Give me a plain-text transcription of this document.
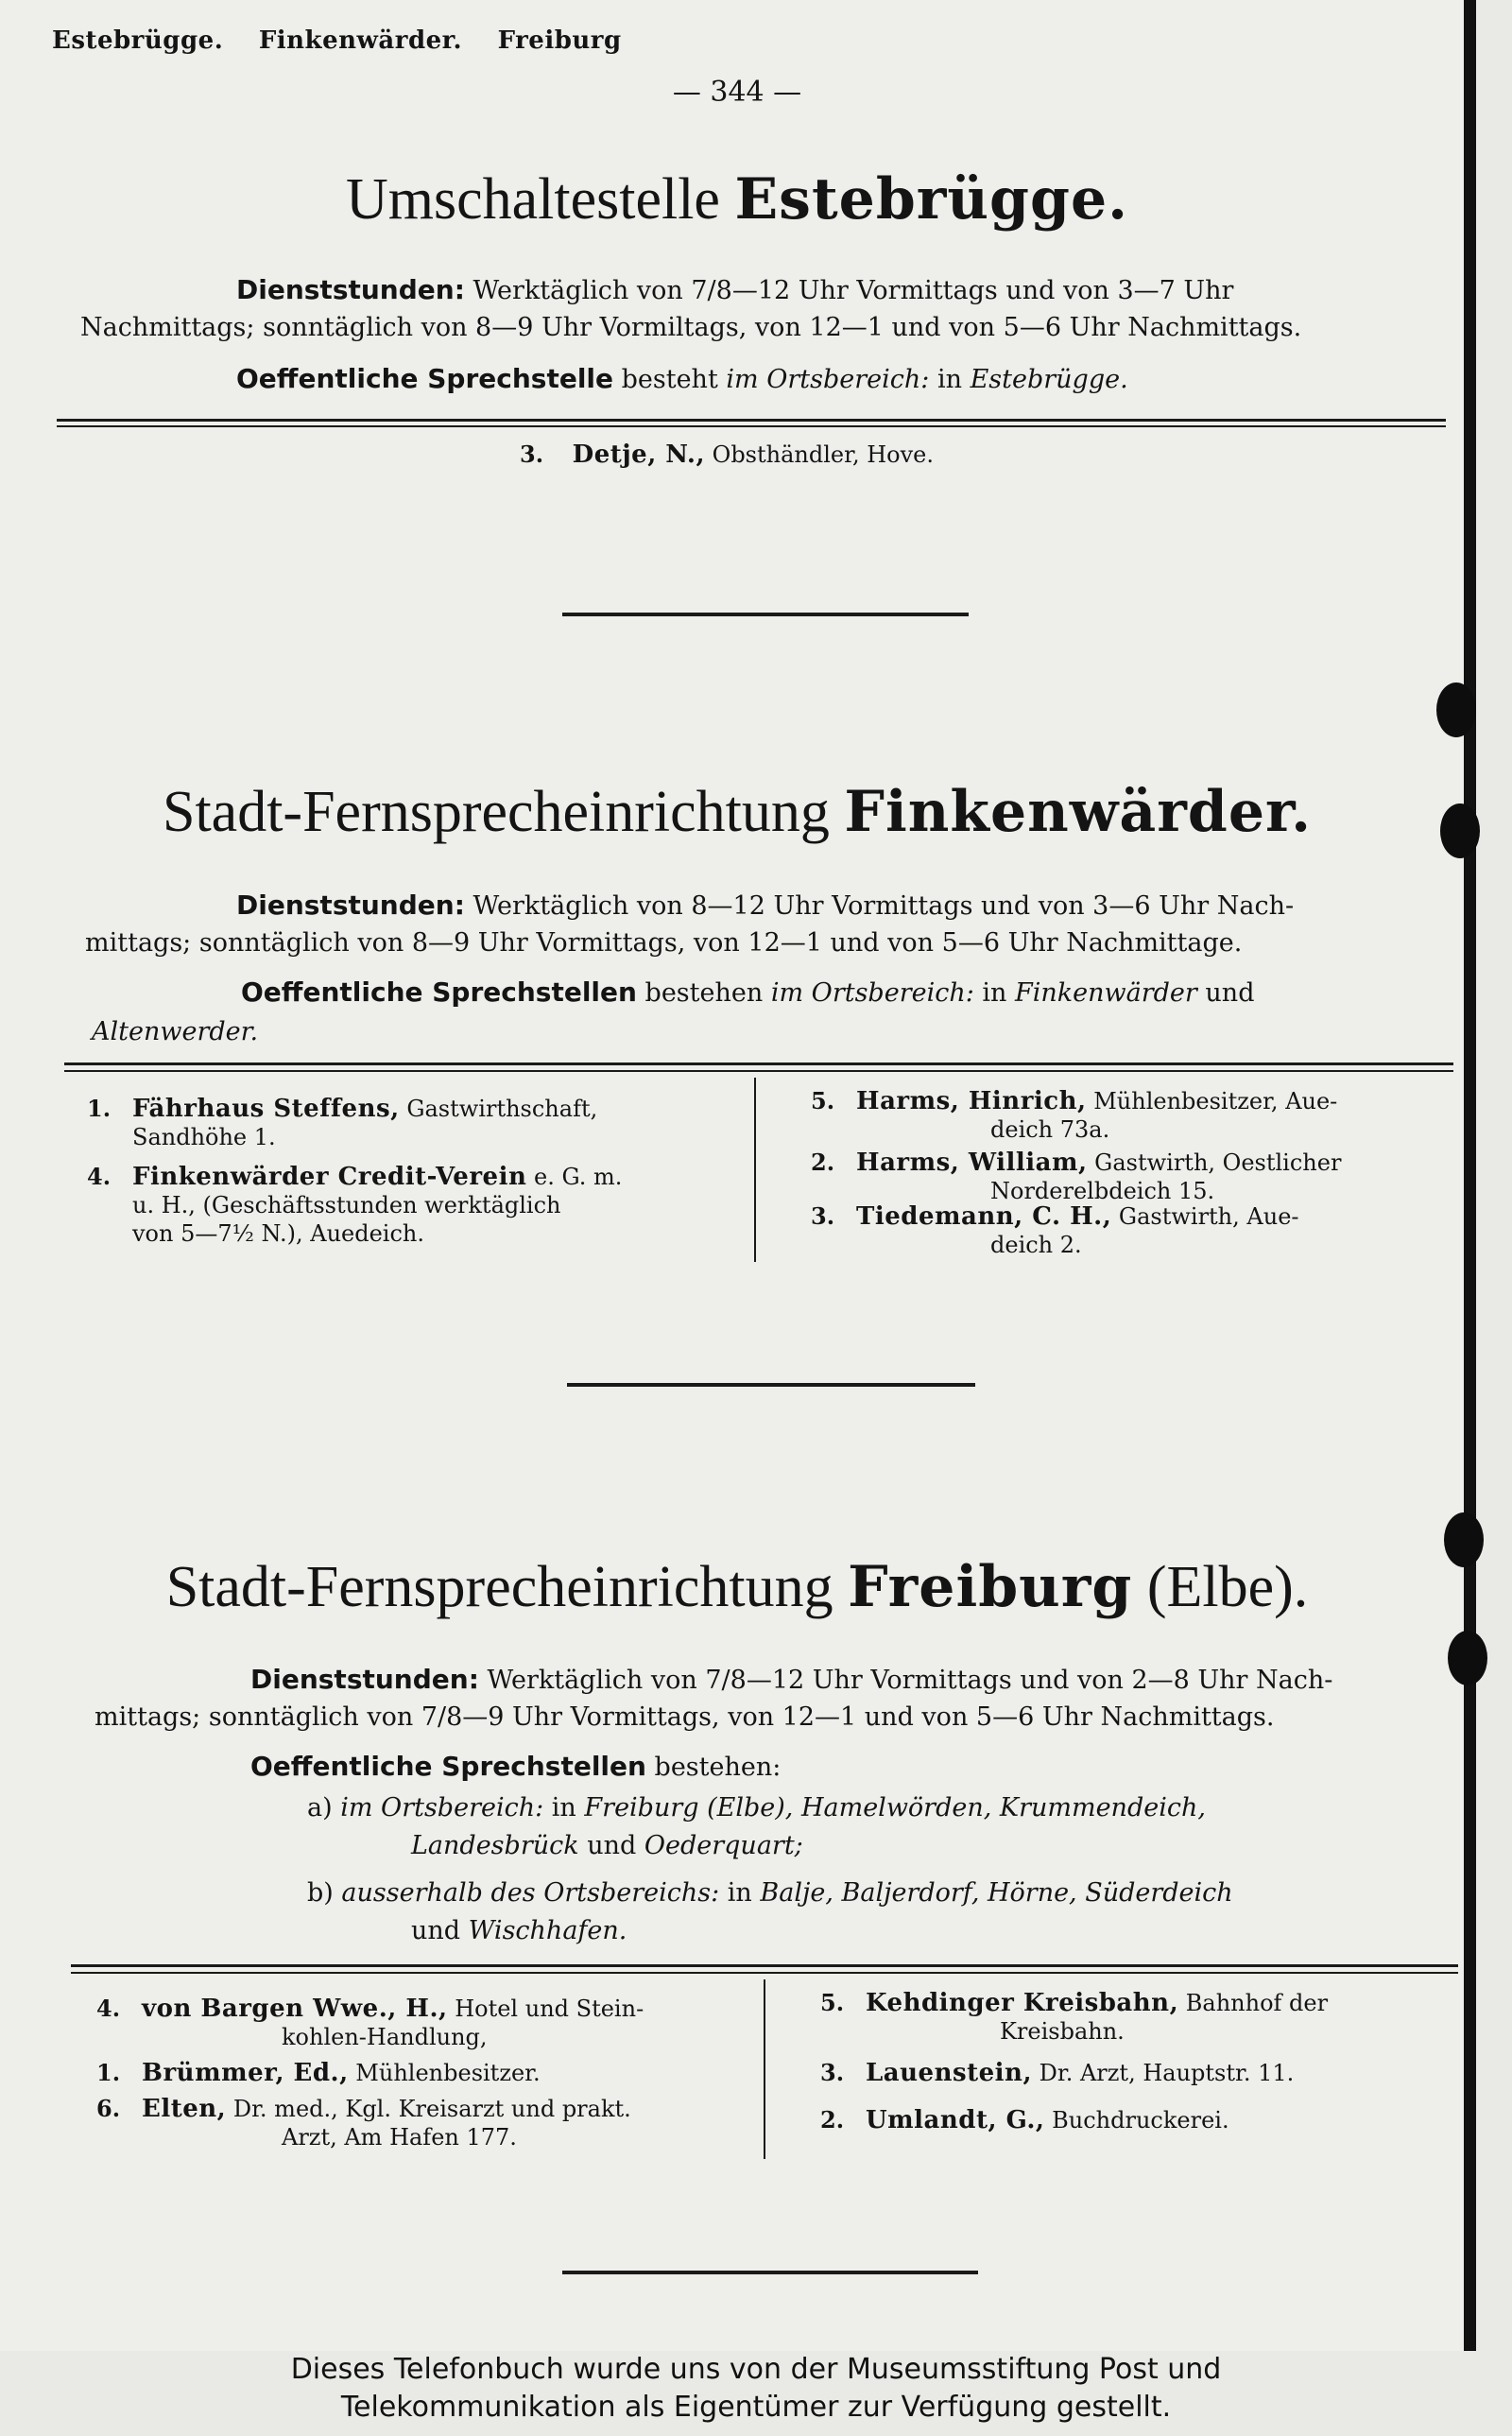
Estebrügge. Finkenwärder. Freiburg
— 344 —
Umschaltestelle Estebrügge.
Dienststunden: Werktäglich von 7/8—12 Uhr Vormittags und von 3—7 Uhr
Nachmittags; sonntäglich von 8—9 Uhr Vormiltags, von 12—1 und von 5—6 Uhr Nachmittags.
Oeffentliche Sprechstelle besteht im Ortsbereich: in Estebrügge.
3. Detje, N., Obsthändler, Hove.
Stadt-Fernsprecheinrichtung Finkenwärder.
Dienststunden: Werktäglich von 8—12 Uhr Vormittags und von 3—6 Uhr Nach-
mittags; sonntäglich von 8—9 Uhr Vormittags, von 12—1 und von 5—6 Uhr Nachmittage.
Oeffentliche Sprechstellen bestehen im Ortsbereich: in Finkenwärder und
Altenwerder.
1. Fährhaus Steffens, Gastwirthschaft,
Sandhöhe 1.
4. Finkenwärder Credit-Verein e. G. m.
u. H., (Geschäftsstunden werktäglich
von 5—7½ N.), Auedeich.
5. Harms, Hinrich, Mühlenbesitzer, Aue-
deich 73a.
2. Harms, William, Gastwirth, Oestlicher
Norderelbdeich 15.
3. Tiedemann, C. H., Gastwirth, Aue-
deich 2.
Stadt-Fernsprecheinrichtung Freiburg (Elbe).
Dienststunden: Werktäglich von 7/8—12 Uhr Vormittags und von 2—8 Uhr Nach-
mittags; sonntäglich von 7/8—9 Uhr Vormittags, von 12—1 und von 5—6 Uhr Nachmittags.
Oeffentliche Sprechstellen bestehen:
a) im Ortsbereich: in Freiburg (Elbe), Hamelwörden, Krummendeich,
Landesbrück und Oederquart;
b) ausserhalb des Ortsbereichs: in Balje, Baljerdorf, Hörne, Süderdeich
und Wischhafen.
4. von Bargen Wwe., H., Hotel und Stein-
kohlen-Handlung,
1. Brümmer, Ed., Mühlenbesitzer.
6. Elten, Dr. med., Kgl. Kreisarzt und prakt.
Arzt, Am Hafen 177.
5. Kehdinger Kreisbahn, Bahnhof der
Kreisbahn.
3. Lauenstein, Dr. Arzt, Hauptstr. 11.
2. Umlandt, G., Buchdruckerei.
Dieses Telefonbuch wurde uns von der Museumsstiftung Post und
Telekommunikation als Eigentümer zur Verfügung gestellt.
